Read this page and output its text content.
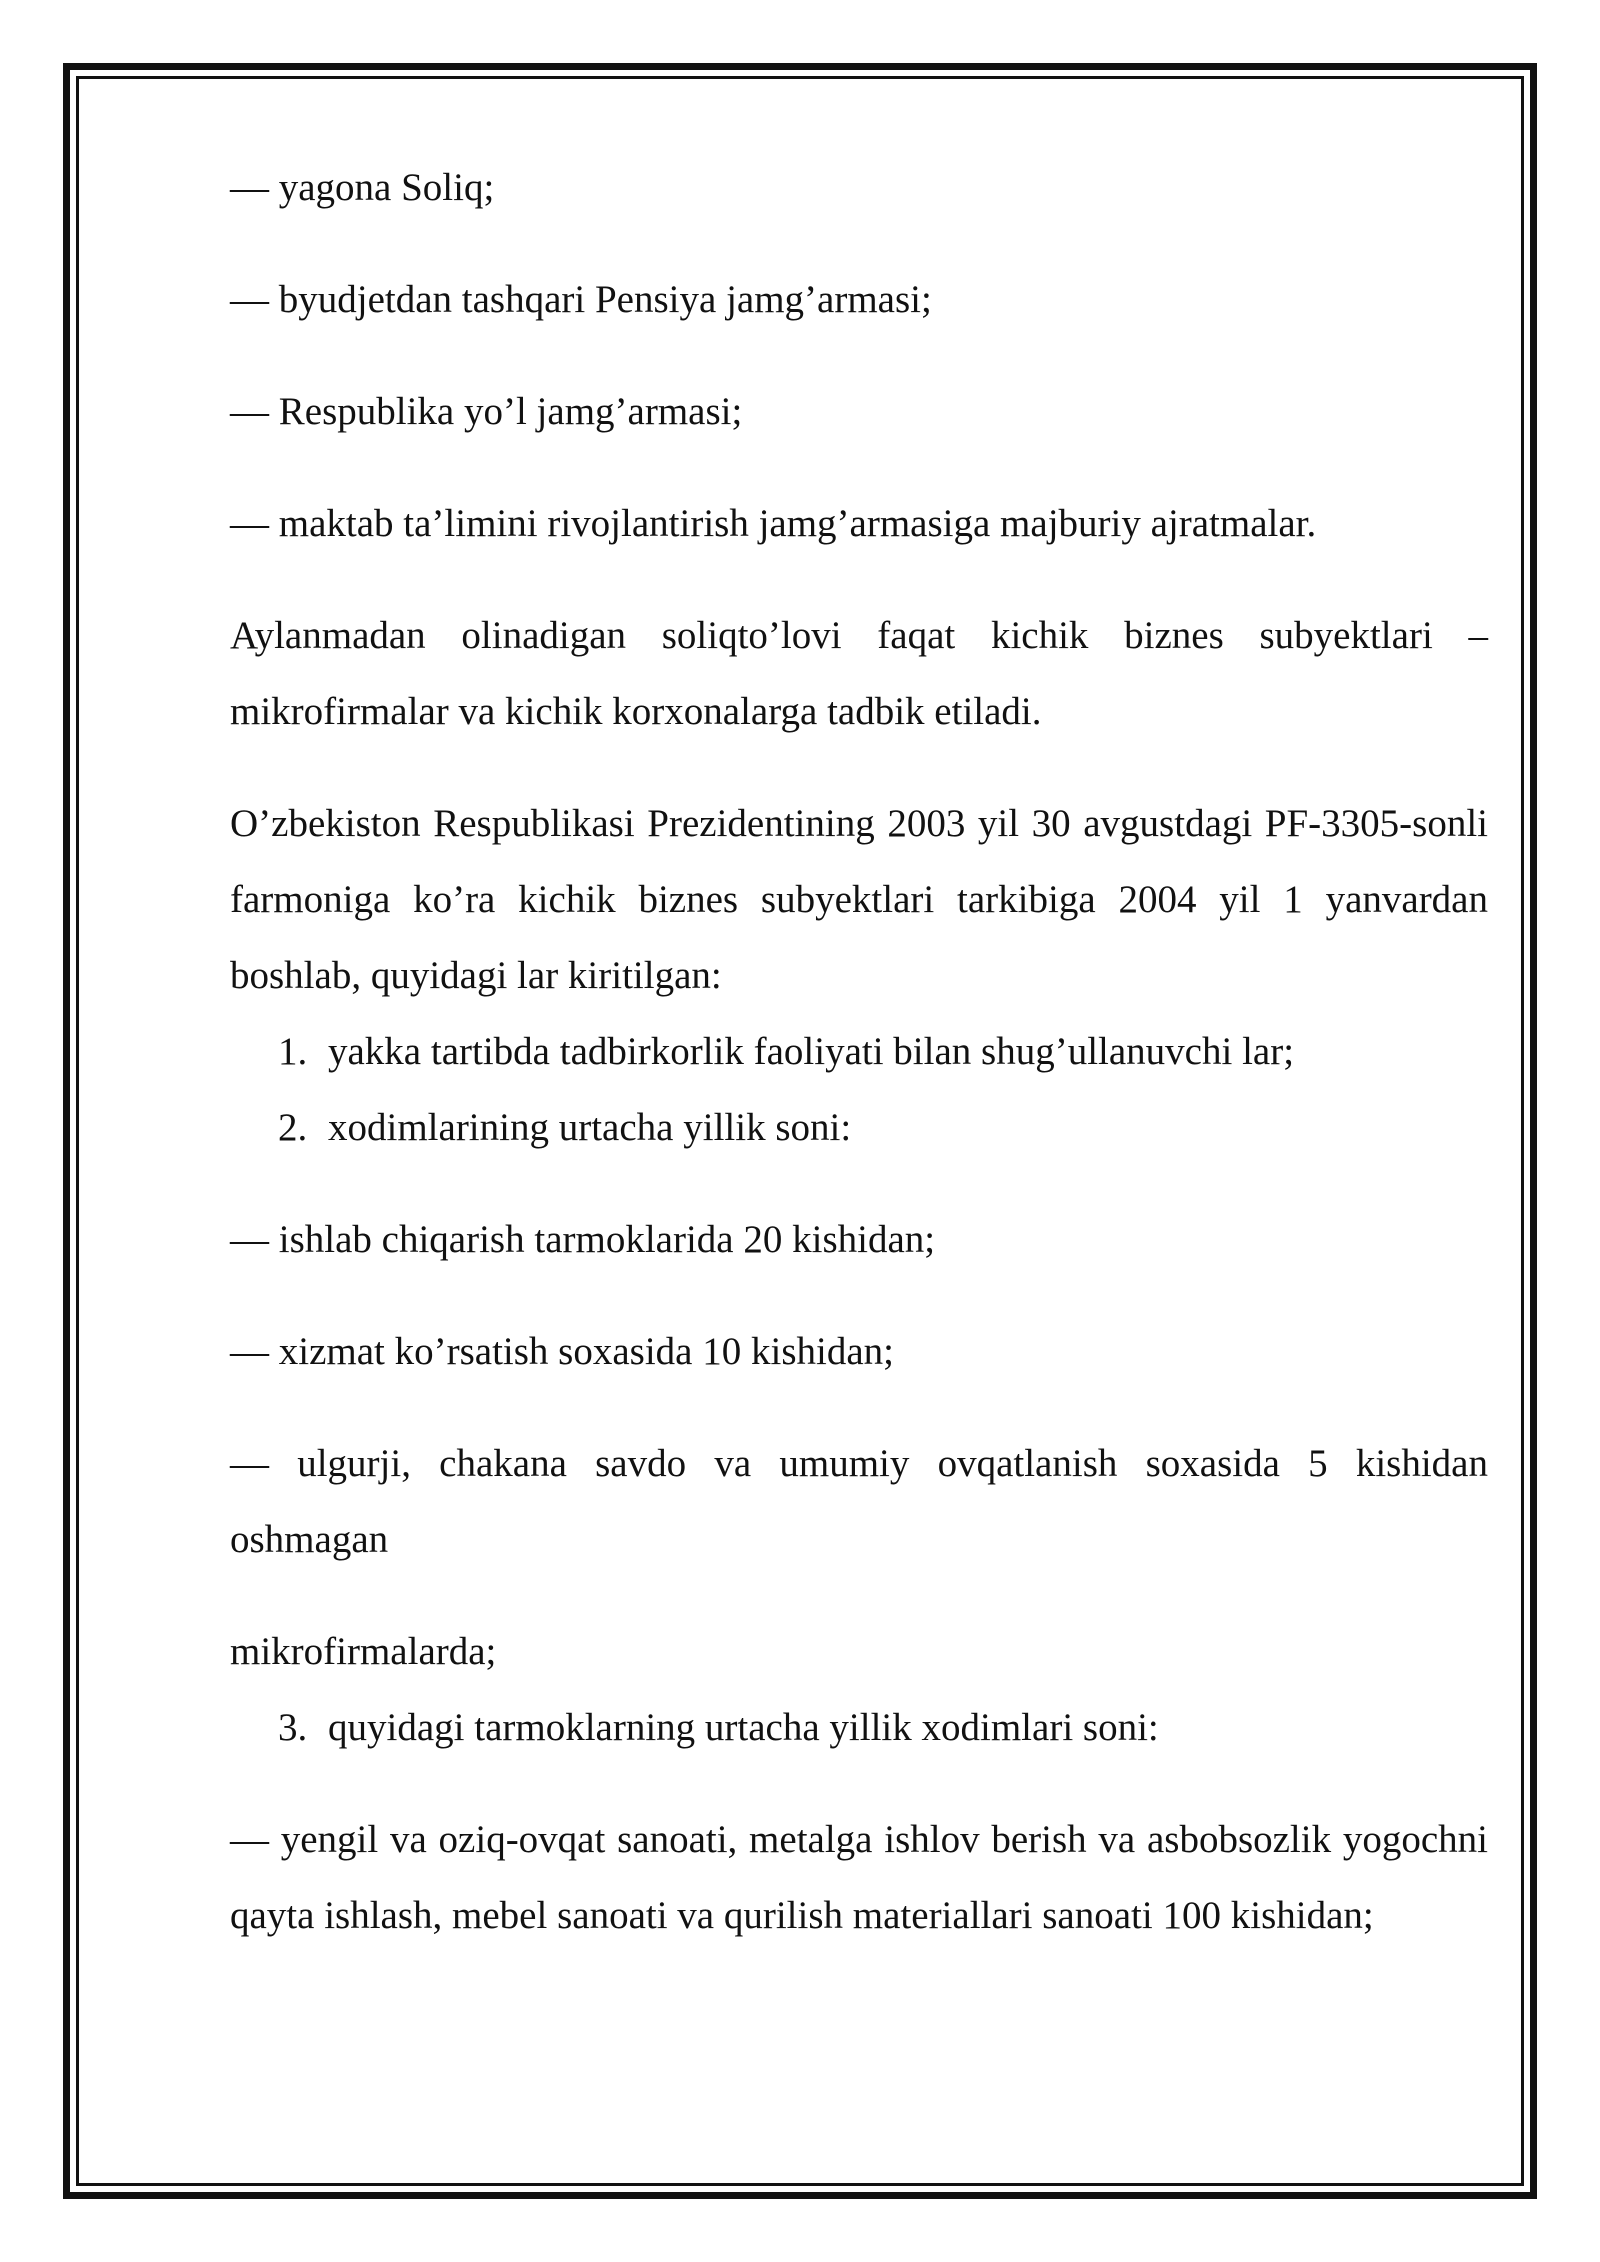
— yagona Soliq;

— byudjetdan tashqari Pensiya jamg’armasi;

— Respublika yo’l jamg’armasi;

— maktab ta’limini rivojlantirish jamg’armasiga majburiy ajratmalar.

Aylanmadan olinadigan soliqto’lovi faqat kichik biznes subyektlari – mikrofirmalar va kichik korxonalarga tadbik etiladi.

O’zbekiston Respublikasi Prezidentining 2003 yil 30 avgustdagi PF-3305-sonli farmoniga ko’ra kichik biznes subyektlari tarkibiga 2004 yil 1 yanvardan boshlab, quyidagi lar kiritilgan:

1. yakka tartibda tadbirkorlik faoliyati bilan shug’ullanuvchi lar;
2. xodimlarining urtacha yillik soni:

— ishlab chiqarish tarmoklarida 20 kishidan;

— xizmat ko’rsatish soxasida 10 kishidan;

— ulgurji, chakana savdo va umumiy ovqatlanish soxasida 5 kishidan oshmagan

mikrofirmalarda;

3. quyidagi tarmoklarning urtacha yillik xodimlari soni:

— yengil va oziq-ovqat sanoati, metalga ishlov berish va asbobsozlik yogochni qayta ishlash, mebel sanoati va qurilish materiallari sanoati 100 kishidan;
